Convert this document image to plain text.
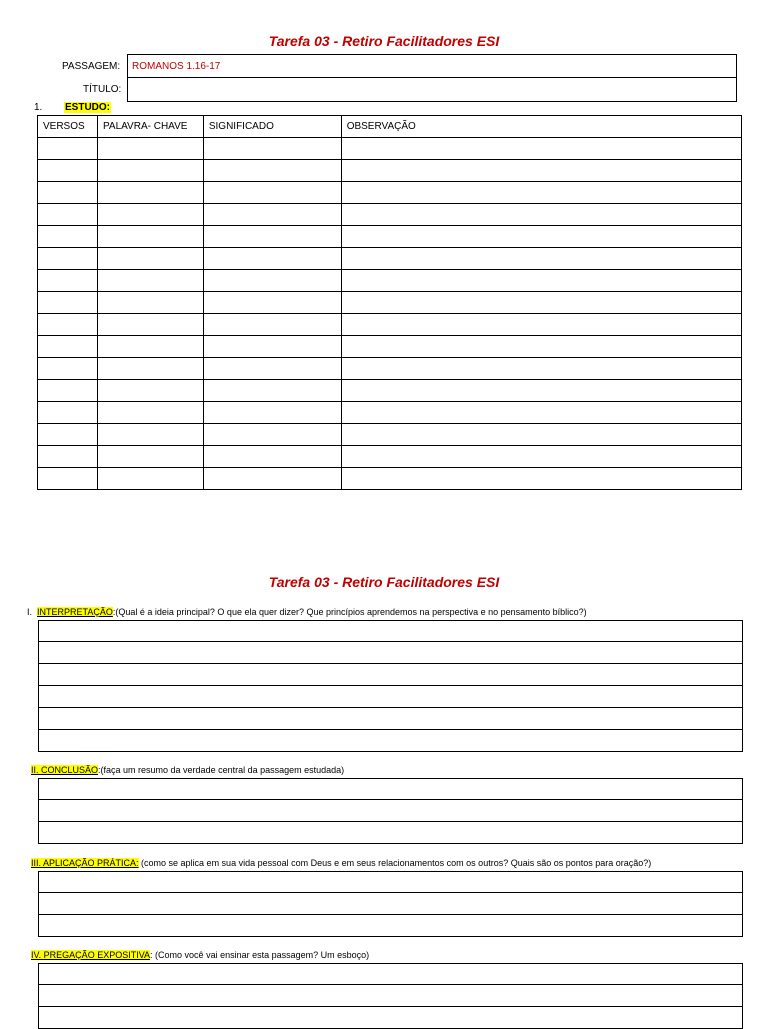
Tarefa 03 - Retiro Facilitadores ESI
PASSAGEM: ROMANOS 1.16-17
TÍTULO:
1. ESTUDO:
VERSOS	PALAVRA- CHAVE	SIGNIFICADO	OBSERVAÇÃO

Tarefa 03 - Retiro Facilitadores ESI
I. INTERPRETAÇÃO:(Qual é a ideia principal? O que ela quer dizer? Que princípios aprendemos na perspectiva e no pensamento bíblico?)
II. CONCLUSÃO:(faça um resumo da verdade central da passagem estudada)
III. APLICAÇÃO PRÁTICA: (como se aplica em sua vida pessoal com Deus e em seus relacionamentos com os outros? Quais são os pontos para oração?)
IV. PREGAÇÃO EXPOSITIVA: (Como você vai ensinar esta passagem? Um esboço)
